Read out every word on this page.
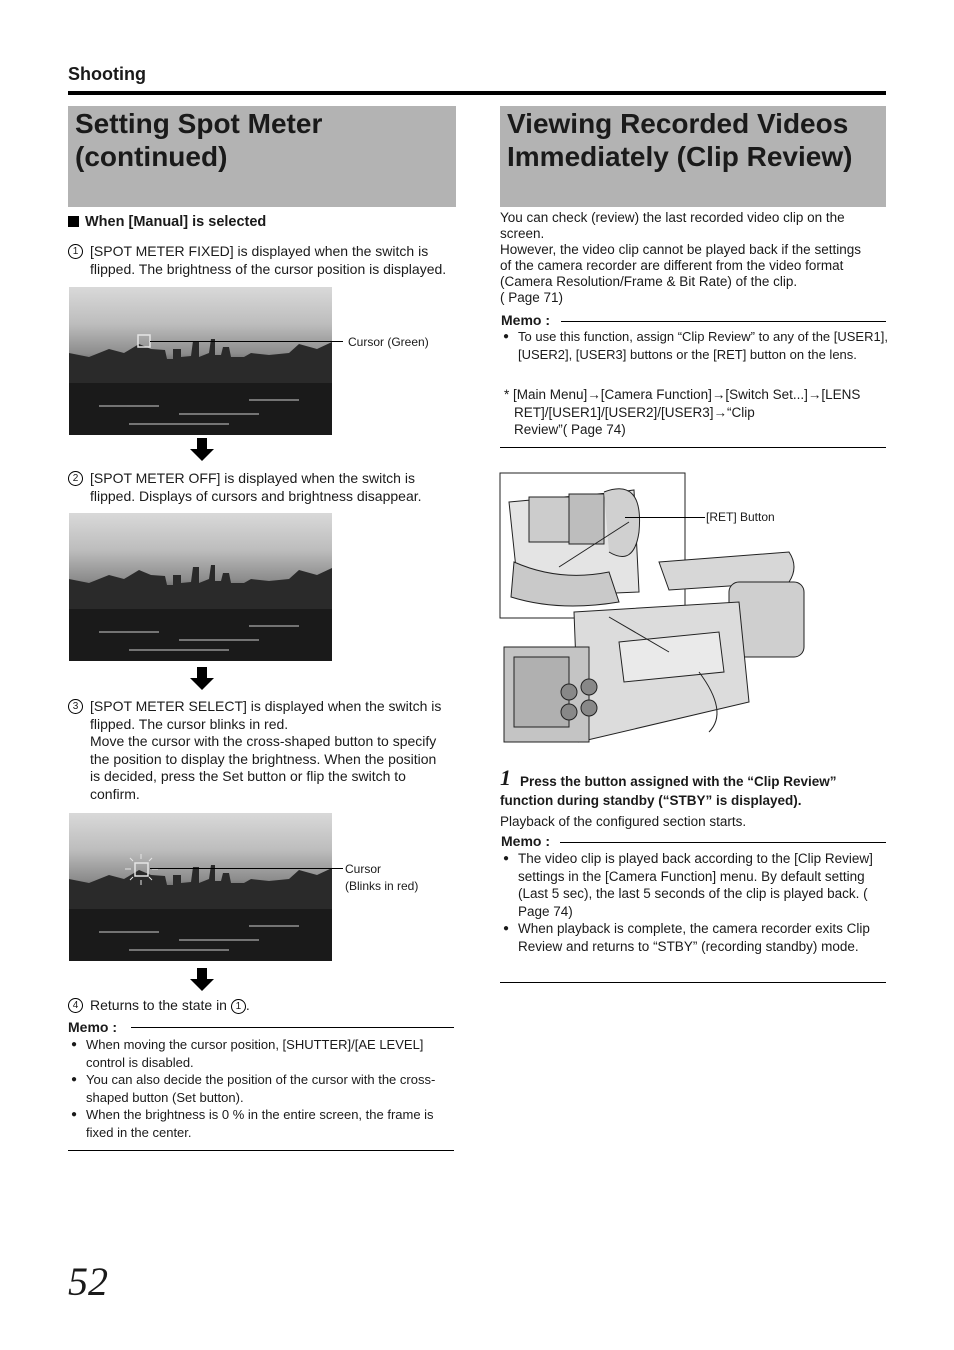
Shooting
Setting Spot Meter
(continued)
Viewing Recorded Videos
Immediately (Clip Review)
When [Manual] is selected
1 [SPOT METER FIXED] is displayed when the switch is
flipped. The brightness of the cursor position is displayed.
Cursor (Green)
2 [SPOT METER OFF] is displayed when the switch is
flipped. Displays of cursors and brightness disappear.
3 [SPOT METER SELECT] is displayed when the switch is
flipped. The cursor blinks in red.
Move the cursor with the cross-shaped button to specify
the position to display the brightness. When the position
is decided, press the Set button or flip the switch to
confirm.
Cursor
(Blinks in red)
4 Returns to the state in 1 .
Memo :
● When moving the cursor position, [SHUTTER]/[AE LEVEL] control is disabled.
● You can also decide the position of the cursor with the cross-shaped button (Set button).
● When the brightness is 0 % in the entire screen, the frame is fixed in the center.
You can check (review) the last recorded video clip on the
screen.
However, the video clip cannot be played back if the settings
of the camera recorder are different from the video format
(Camera Resolution/Frame & Bit Rate) of the clip.
( Page 71)
Memo :
● To use this function, assign “Clip Review” to any of the [USER1], [USER2], [USER3] buttons or the [RET] button on the lens.
* [Main Menu]→[Camera Function]→[Switch Set...]→[LENS
RET]/[USER1]/[USER2]/[USER3]→“Clip
Review”( Page 74)
[RET] Button
1 Press the button assigned with the “Clip Review”
function during standby (“STBY” is displayed).
Playback of the configured section starts.
Memo :
● The video clip is played back according to the [Clip Review] settings in the [Camera Function] menu. By default setting (Last 5 sec), the last 5 seconds of the clip is played back. ( Page 74)
● When playback is complete, the camera recorder exits Clip Review and returns to “STBY” (recording standby) mode.
52
